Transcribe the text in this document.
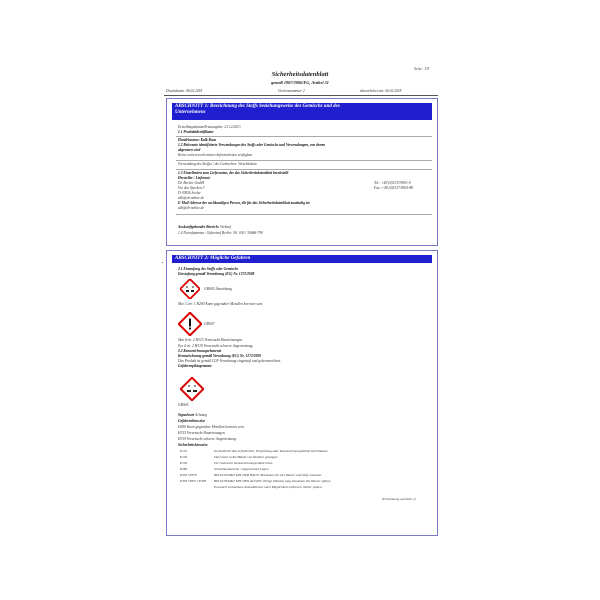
Seite: 1/9
Sicherheitsdatenblatt
gemäß 1907/2006/EG, Artikel 31
Druckdatum: 06.02.2018	Versionsnummer 2	überarbeitet am: 06.02.2018
ABSCHNITT 1: Bezeichnung des Stoffs beziehungsweise des Gemischs und des
Unternehmens
Erstellungsdatum/Erstausgabe: 23.12.2013
1.1 Produktidentifikator
Handelsname: Kalk Raus
1.2 Relevante identifizierte Verwendungen des Stoffs oder Gemischs und Verwendungen, von denen
abgeraten wird
Keine weiteren relevanten Informationen verfügbar.
Verwendung des Stoffes / des Gemisches: Verschiedene
1.3 Einzelheiten zum Lieferanten, der das Sicherheitsdatenblatt bereitstellt
Hersteller / Lieferant:
Dr. Becher GmbH	Tel.: +49 (0)5137/9901-0
Vor den Specken 3	Fax: +49 (0)5137/9901-88
D-30926 Seelze
sdb@zb-online.de
E-Mail-Adresse der sachkundigen Person, die für das Sicherheitsdatenblatt zuständig ist:
sdb@zb-online.de
Auskunftgebender Bereich: Verkauf
1.4 Notrufnummer: Giftnotruf Berlin: Tel. 030 / 30686-790
•
ABSCHNITT 2: Mögliche Gefahren
2.1 Einstufung des Stoffs oder Gemischs
Einstufung gemäß Verordnung (EG) Nr. 1272/2008
GHS05 Ätzwirkung
Met. Corr. 1 H290 Kann gegenüber Metallen korrosiv sein.
GHS07
Skin Irrit. 2 H315 Verursacht Hautreizungen.
Eye Irrit. 2 H319 Verursacht schwere Augenreizung.
2.2 Kennzeichnungselemente
Kennzeichnung gemäß Verordnung (EG) Nr. 1272/2008
Das Produkt ist gemäß CLP-Verordnung eingestuft und gekennzeichnet.
Gefahrenpiktogramme
GHS05
Signalwort Achtung
Gefahrenhinweise
H290 Kann gegenüber Metallen korrosiv sein.
H315 Verursacht Hautreizungen.
H319 Verursacht schwere Augenreizung.
Sicherheitshinweise
P101	Ist ärztlicher Rat erforderlich, Verpackung oder Kennzeichnungsetikett bereithalten.
P102	Darf nicht in die Hände von Kindern gelangen.
P103	Vor Gebrauch Kennzeichnungsetikett lesen.
P280	Schutzhandschuhe / Augenschutz tragen.
P302+P350	BEI KONTAKT MIT DER HAUT: Behutsam mit viel Wasser und Seife waschen.
P305+P351+P338 BEI KONTAKT MIT DEN AUGEN: Einige Minuten lang behutsam mit Wasser spülen.
Eventuell vorhandene Kontaktlinsen nach Möglichkeit entfernen. Weiter spülen.
(Fortsetzung auf Seite 2)
